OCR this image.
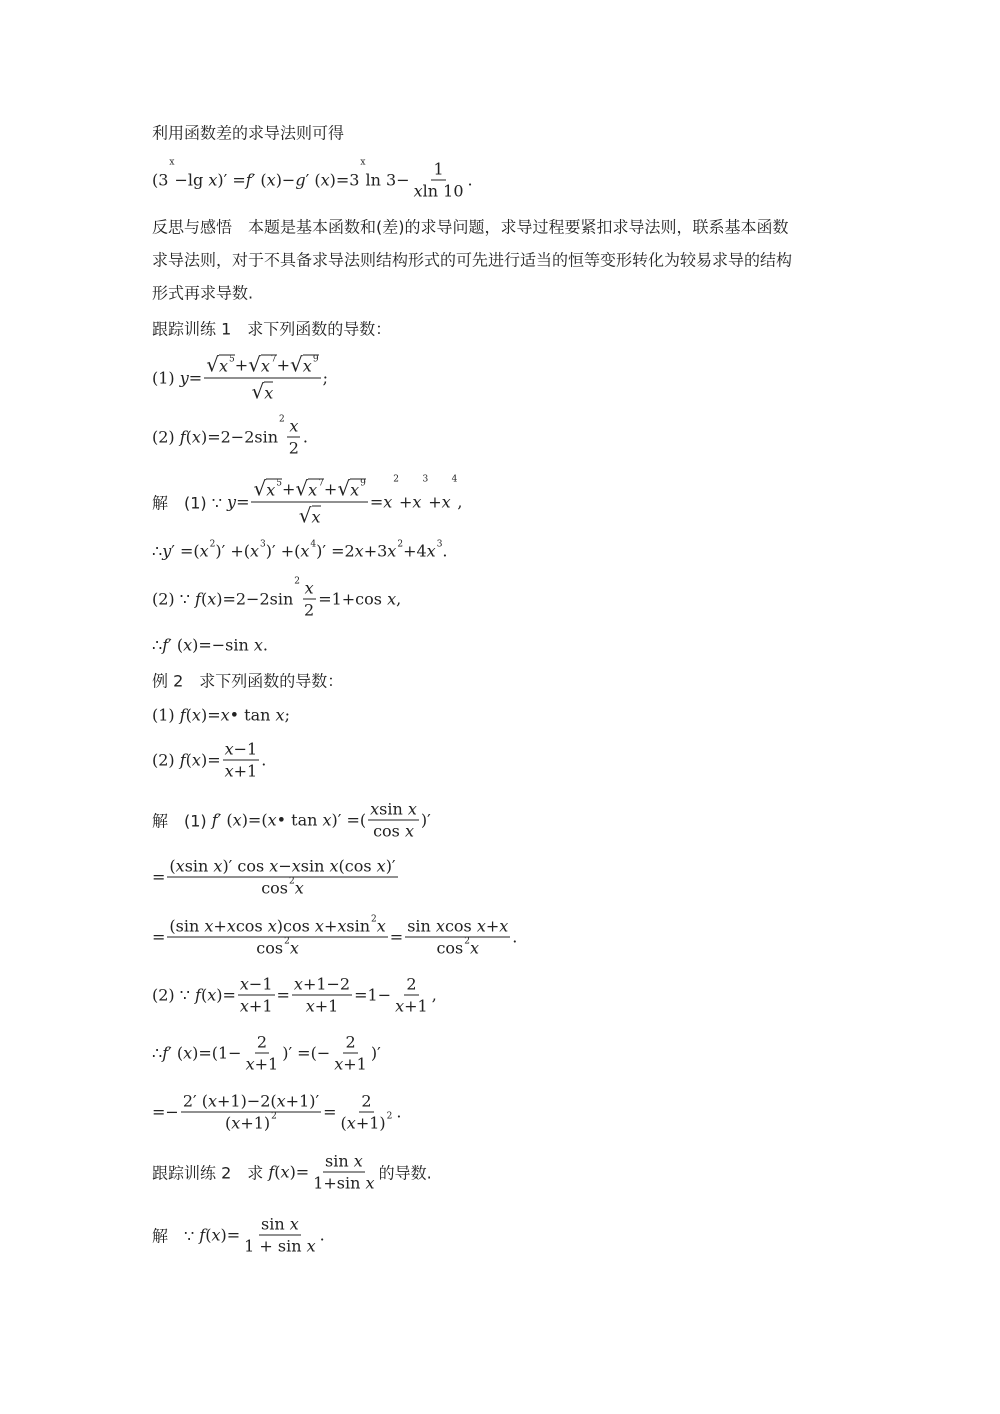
利用函数差的求导法则可得
(3
x
−lg x )′ = f ′ ( x )− g ′ ( x )=3
x
$\ln 3- \frac{1}{\text{x ln 10}}$ .
反思与感悟　本题是基本函数和(差)的求导问题，求导过程要紧扣求导法则，联系基本函数
求导法则，对于不具备求导法则结构形式的可先进行适当的恒等变形转化为较易求导的结构
形式再求导数.
跟踪训练 1　求下列函数的导数：
(1) $y = \frac{√ x 5 + √ x 7 + √ x 9}{√ x}$ ;
(2) f ( x )=2−2sin
$2 \frac{x}{2}$ .
解　(1) ∵ $y = \frac{√ x 5 + √ x 7 + √ x 9}{√ x} = x$
2
+ x
3
+ x
4
,
∴ y ′ =( x 2 )′ +( x 3 )′ +( x 4 )′ =2 x +3 x 2 +4 x 3 .
(2) ∵ f ( x )=2−2sin
$2 \frac{x}{2} =1+\cos$ x ,
∴ f ′ ( x )=−sin x .
例 2　求下列函数的导数：
(1) f ( x )= x • tan x ;
(2) f ( x )= $\frac{x -1}{x +1}$ .
解　(1) f ′ ( x )=( x • tan x )′ =( $\frac{\text{x sin x}}{\text{cos x}}$ )′
= $\frac{\text{( x sin x )′ cos x − x sin x (cos x )′}}{\cos 2 x}$
= $\frac{\text{(sin x + x cos x )cos x + x sin 2 x}}{\cos 2 x} = \frac{\text{sin x cos x + x}}{\cos 2 x}$ .
(2) ∵ f ( x )= $\frac{x -1}{x +1} = \frac{x +1-2}{x +1} =1- \frac{2}{x +1}$ ,
∴ f ′ ( x )$=(1- \frac{2}{x +1}$ )′ =(− $\frac{2}{x +1}$ )′
=− $\frac{2' ( x +1)-2( x +1)'}{( x +1) 2} = \frac{2}{( x +1) 2}$ .
跟踪训练 2　求 f ( x )= $\frac{\text{sin x}}{\text{1+sin x}}$ 的导数.
解　∵ f ( x )= $\frac{\text{sin x}}{\text{1 + sin x}}$ .
